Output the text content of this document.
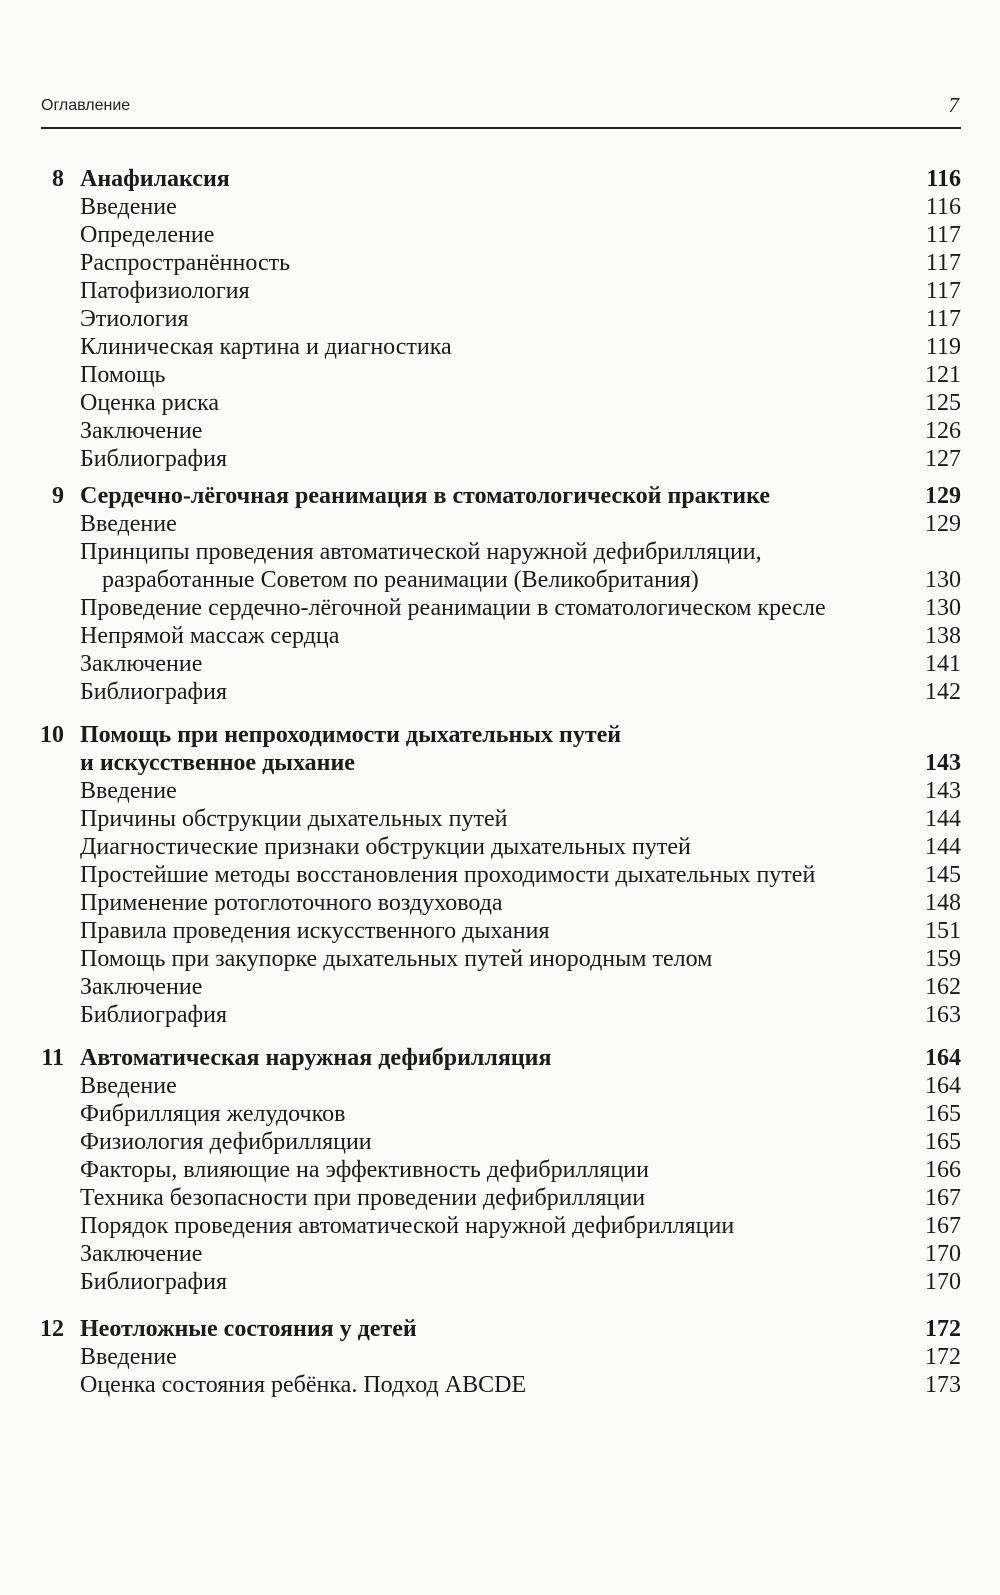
Оглавление	7
8 Анафилаксия	116
Введение	116
Определение	117
Распространённость	117
Патофизиология	117
Этиология	117
Клиническая картина и диагностика	119
Помощь	121
Оценка риска	125
Заключение	126
Библиография	127
9 Сердечно-лёгочная реанимация в стоматологической практике	129
Введение	129
Принципы проведения автоматической наружной дефибрилляции,
разработанные Советом по реанимации (Великобритания)	130
Проведение сердечно-лёгочной реанимации в стоматологическом кресле	130
Непрямой массаж сердца	138
Заключение	141
Библиография	142
10 Помощь при непроходимости дыхательных путей
и искусственное дыхание	143
Введение	143
Причины обструкции дыхательных путей	144
Диагностические признаки обструкции дыхательных путей	144
Простейшие методы восстановления проходимости дыхательных путей	145
Применение ротоглоточного воздуховода	148
Правила проведения искусственного дыхания	151
Помощь при закупорке дыхательных путей инородным телом	159
Заключение	162
Библиография	163
11 Автоматическая наружная дефибрилляция	164
Введение	164
Фибрилляция желудочков	165
Физиология дефибрилляции	165
Факторы, влияющие на эффективность дефибрилляции	166
Техника безопасности при проведении дефибрилляции	167
Порядок проведения автоматической наружной дефибрилляции	167
Заключение	170
Библиография	170
12 Неотложные состояния у детей	172
Введение	172
Оценка состояния ребёнка. Подход ABCDE	173
